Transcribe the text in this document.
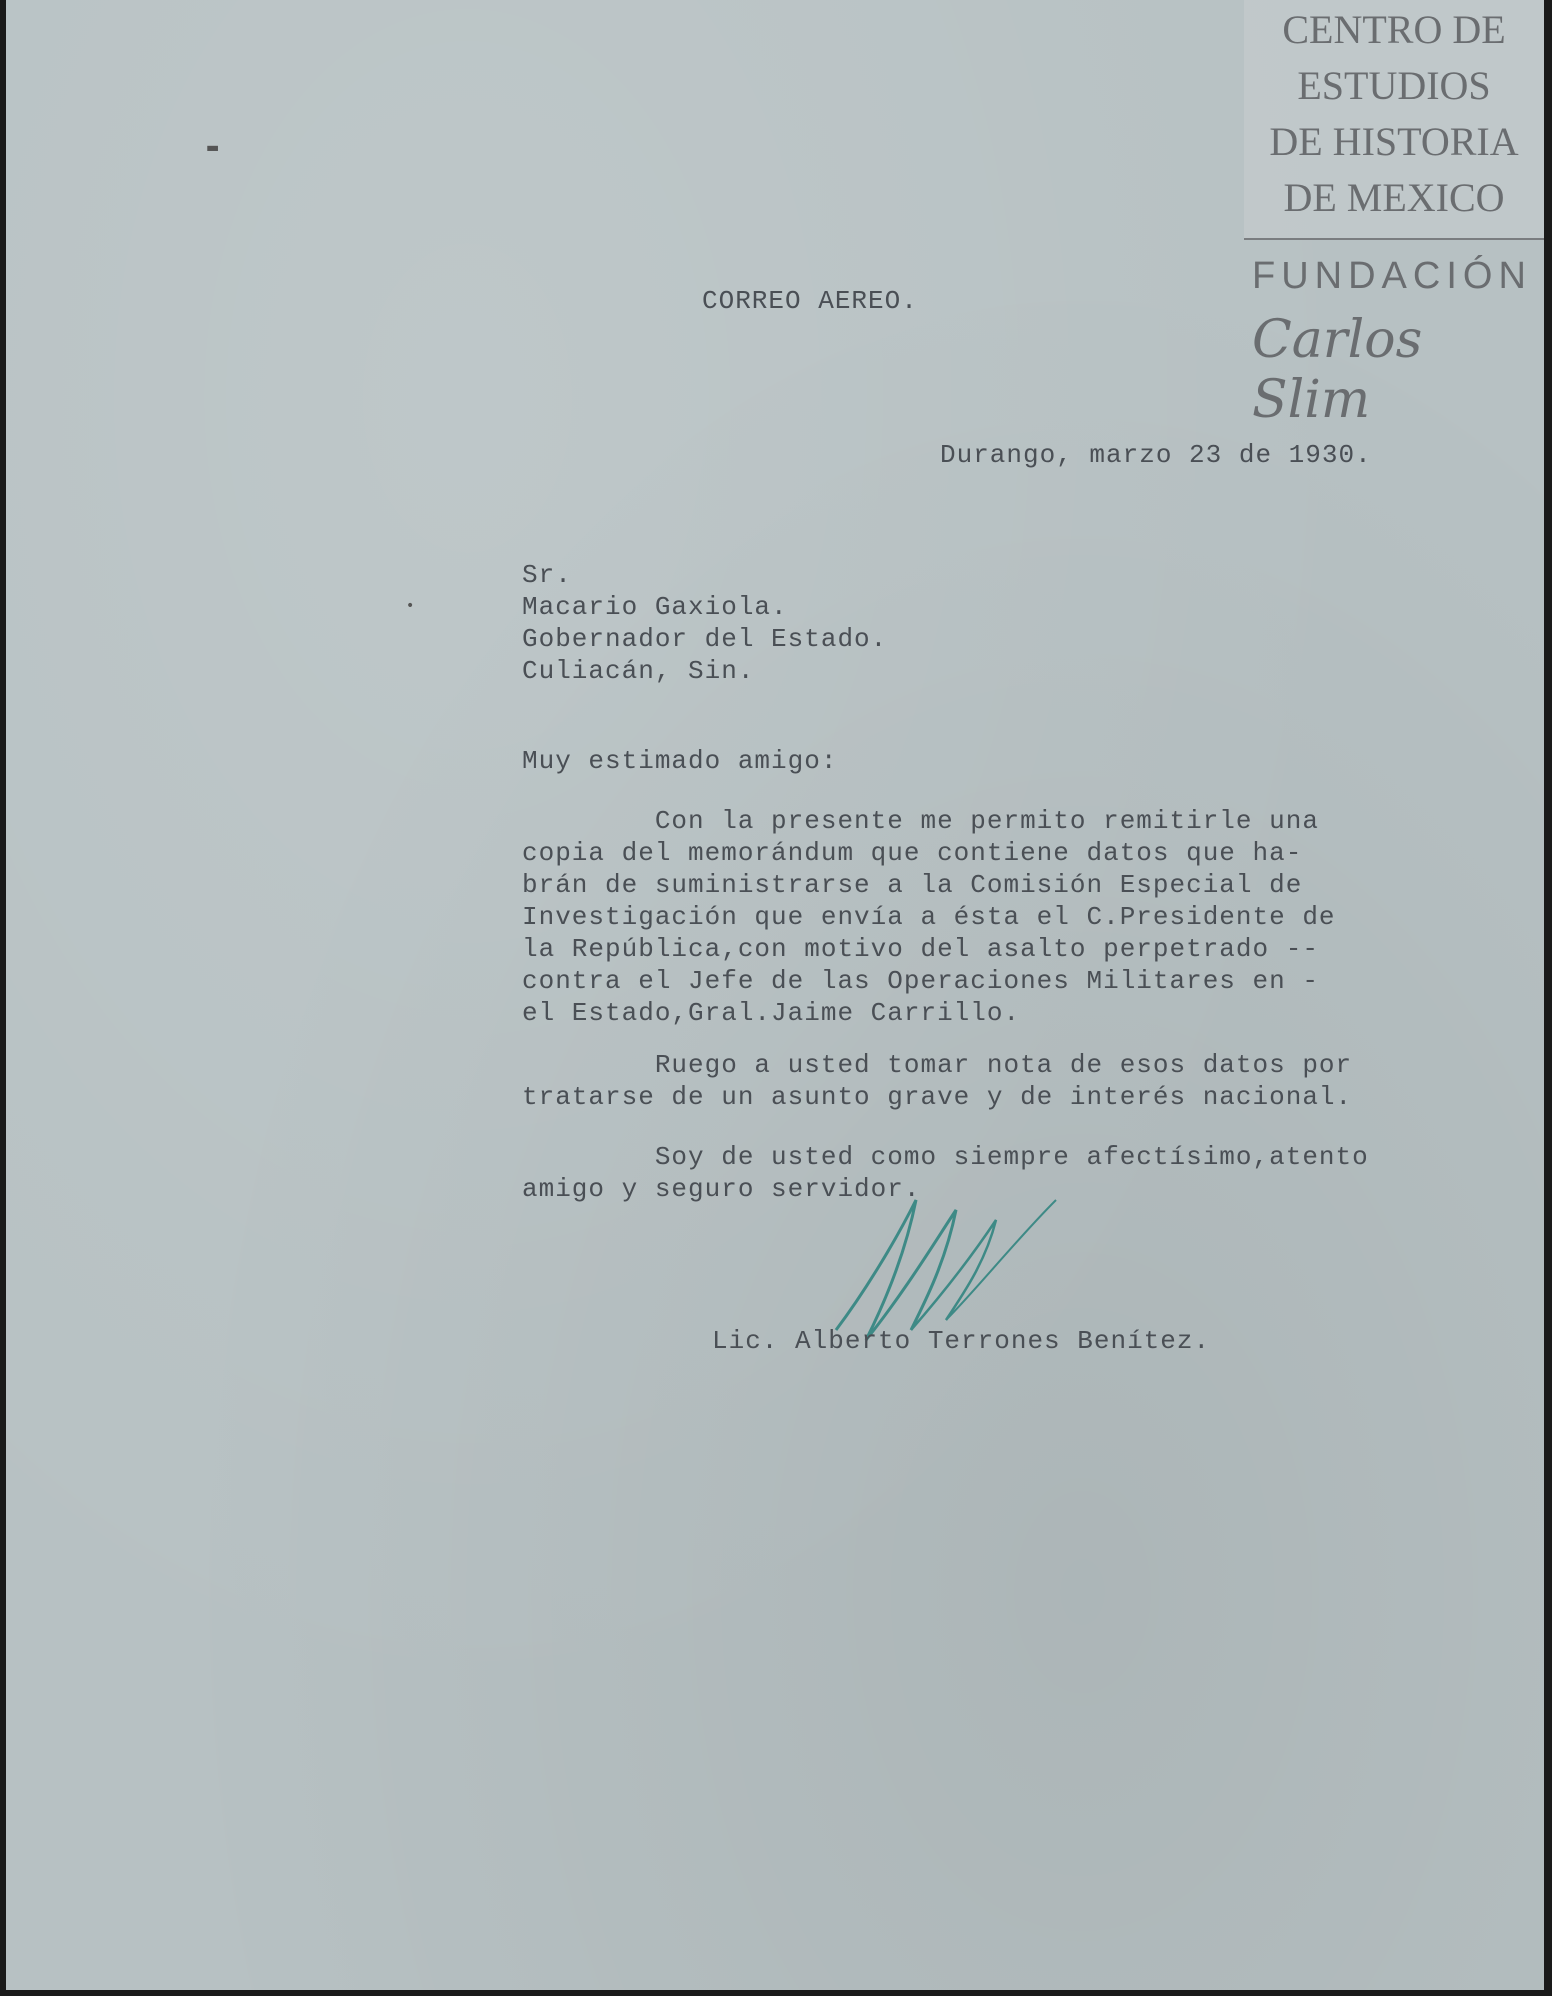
CENTRO DE
ESTUDIOS
DE HISTORIA
DE MEXICO
FUNDACIÓN
Carlos Slim
CORREO AEREO.
Durango, marzo 23 de 1930.
Sr.
Macario Gaxiola.
Gobernador del Estado.
Culiacán, Sin.
Muy estimado amigo:
Con la presente me permito remitirle una
copia del memorándum que contiene datos que ha-
brán de suministrarse a la Comisión Especial de
Investigación que envía a ésta el C.Presidente de
la República,con motivo del asalto perpetrado --
contra el Jefe de las Operaciones Militares en -
el Estado,Gral.Jaime Carrillo.
Ruego a usted tomar nota de esos datos por
tratarse de un asunto grave y de interés nacional.
Soy de usted como siempre afectísimo,atento
amigo y seguro servidor.
Lic. Alberto Terrones Benítez.
▬
•
